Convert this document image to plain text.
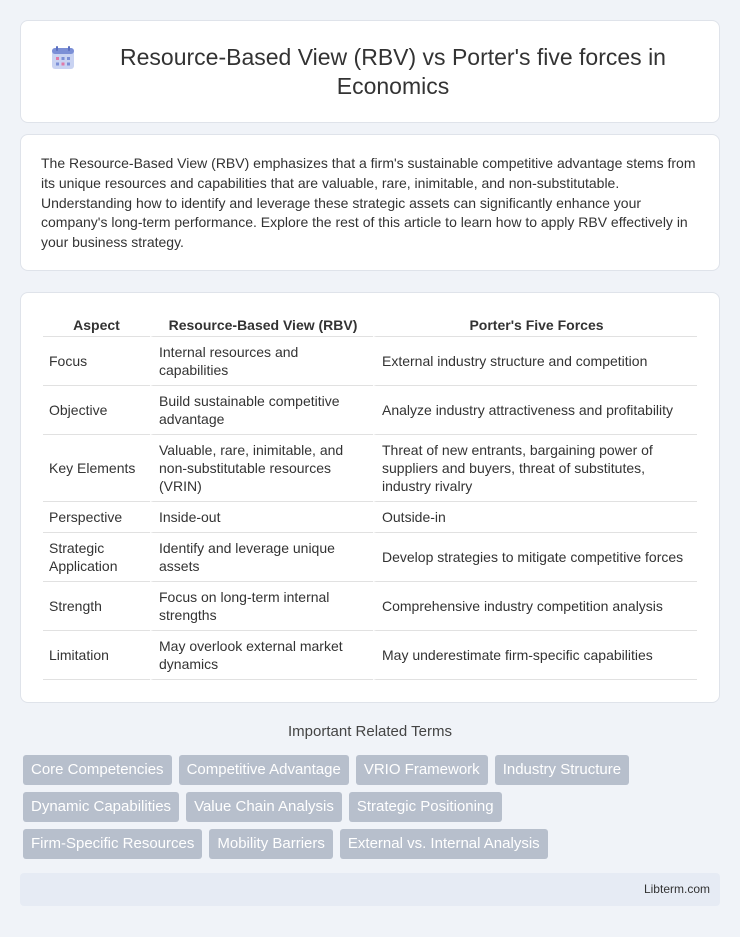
Resource-Based View (RBV) vs Porter's five forces in Economics

The Resource-Based View (RBV) emphasizes that a firm's sustainable competitive advantage stems from its unique resources and capabilities that are valuable, rare, inimitable, and non-substitutable. Understanding how to identify and leverage these strategic assets can significantly enhance your company's long-term performance. Explore the rest of this article to learn how to apply RBV effectively in your business strategy.

Aspect	Resource-Based View (RBV)	Porter's Five Forces
Focus	Internal resources and capabilities	External industry structure and competition
Objective	Build sustainable competitive advantage	Analyze industry attractiveness and profitability
Key Elements	Valuable, rare, inimitable, and non-substitutable resources (VRIN)	Threat of new entrants, bargaining power of suppliers and buyers, threat of substitutes, industry rivalry
Perspective	Inside-out	Outside-in
Strategic Application	Identify and leverage unique assets	Develop strategies to mitigate competitive forces
Strength	Focus on long-term internal strengths	Comprehensive industry competition analysis
Limitation	May overlook external market dynamics	May underestimate firm-specific capabilities
Important Related Terms
Core Competencies	Competitive Advantage	VRIO Framework	Industry Structure
Dynamic Capabilities	Value Chain Analysis	Strategic Positioning
Firm-Specific Resources	Mobility Barriers	External vs. Internal Analysis
Libterm.com
